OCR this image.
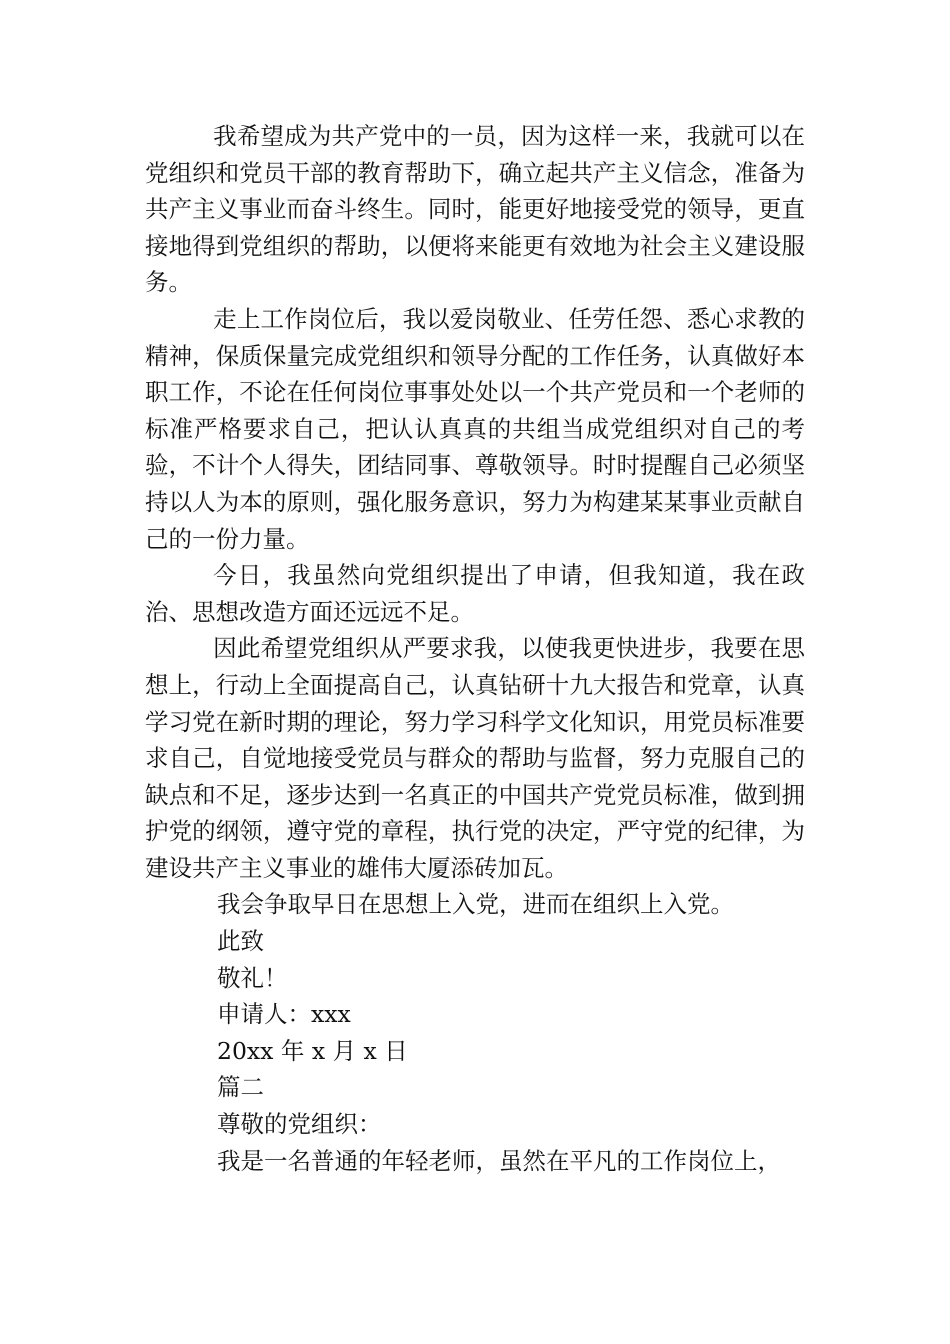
我希望成为共产党中的一员，因为这样一来，我就可以在党组织和党员干部的教育帮助下，确立起共产主义信念，准备为共产主义事业而奋斗终生。同时，能更好地接受党的领导，更直接地得到党组织的帮助，以便将来能更有效地为社会主义建设服务。

走上工作岗位后，我以爱岗敬业、任劳任怨、悉心求教的精神，保质保量完成党组织和领导分配的工作任务，认真做好本职工作，不论在任何岗位事事处处以一个共产党员和一个老师的标准严格要求自己，把认认真真的共组当成党组织对自己的考验，不计个人得失，团结同事、尊敬领导。时时提醒自己必须坚持以人为本的原则，强化服务意识，努力为构建某某事业贡献自己的一份力量。

今日，我虽然向党组织提出了申请，但我知道，我在政治、思想改造方面还远远不足。

因此希望党组织从严要求我，以使我更快进步，我要在思想上，行动上全面提高自己，认真钻研十九大报告和党章，认真学习党在新时期的理论，努力学习科学文化知识，用党员标准要求自己，自觉地接受党员与群众的帮助与监督，努力克服自己的缺点和不足，逐步达到一名真正的中国共产党党员标准，做到拥护党的纲领，遵守党的章程，执行党的决定，严守党的纪律，为建设共产主义事业的雄伟大厦添砖加瓦。

我会争取早日在思想上入党，进而在组织上入党。

此致

敬礼！

申请人：xxx

20xx 年 x 月 x 日

篇二

尊敬的党组织：

我是一名普通的年轻老师，虽然在平凡的工作岗位上，
